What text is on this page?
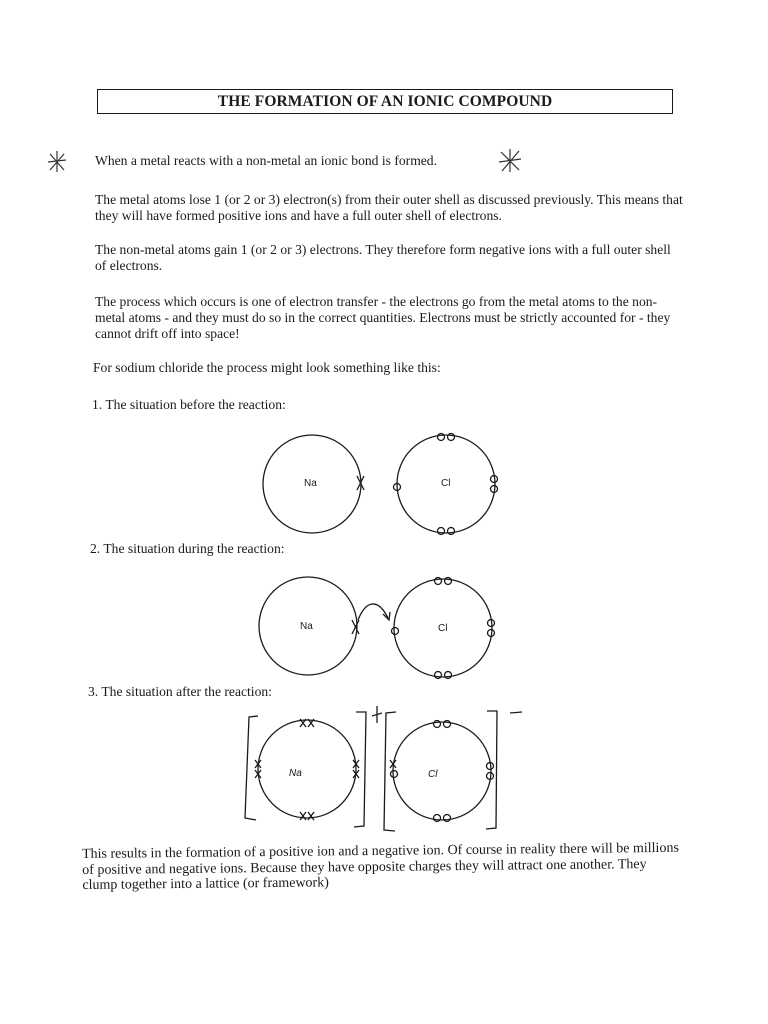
THE FORMATION OF AN IONIC COMPOUND
When a metal reacts with a non-metal an ionic bond is formed.
The metal atoms lose 1 (or 2 or 3) electron(s) from their outer shell as discussed previously. This means that they will have formed positive ions and have a full outer shell of electrons.
The non-metal atoms gain 1 (or 2 or 3) electrons. They therefore form negative ions with a full outer shell of electrons.
The process which occurs is one of electron transfer - the electrons go from the metal atoms to the non-metal atoms - and they must do so in the correct quantities. Electrons must be strictly accounted for - they cannot drift off into space!
For sodium chloride the process might look something like this:
1. The situation before the reaction:
2. The situation during the reaction:
3. The situation after the reaction:
This results in the formation of a positive ion and a negative ion. Of course in reality there will be millions of positive and negative ions. Because they have opposite charges they will attract one another. They clump together into a lattice (or framework)
Na	Cl
Na	Cl
Na	Cl
